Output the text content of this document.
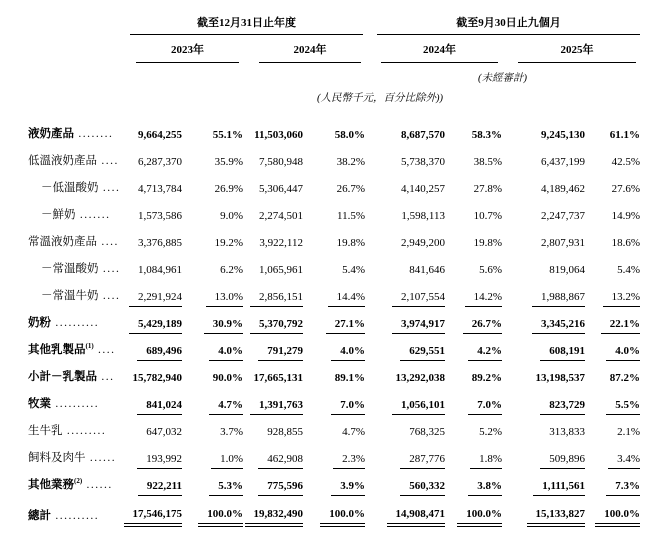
	截至12月31日止年度				截至9月30日止九個月			

	2023年		2024年		2024年		2025年	

					(未經審計)			
	(人民幣千元，百分比除外))							
液奶產品 ........	9,664,255	55.1%	11,503,060	58.0%	8,687,570	58.3%	9,245,130	61.1%
低溫液奶產品 ....	6,287,370	35.9%	7,580,948	38.2%	5,738,370	38.5%	6,437,199	42.5%
－低溫酸奶 ....	4,713,784	26.9%	5,306,447	26.7%	4,140,257	27.8%	4,189,462	27.6%
－鮮奶 .......	1,573,586	9.0%	2,274,501	11.5%	1,598,113	10.7%	2,247,737	14.9%
常溫液奶產品 ....	3,376,885	19.2%	3,922,112	19.8%	2,949,200	19.8%	2,807,931	18.6%
－常溫酸奶 ....	1,084,961	6.2%	1,065,961	5.4%	841,646	5.6%	819,064	5.4%
－常溫牛奶 ....	2,291,924	13.0%	2,856,151	14.4%	2,107,554	14.2%	1,988,867	13.2%
奶粉 ..........	5,429,189	30.9%	5,370,792	27.1%	3,974,917	26.7%	3,345,216	22.1%
其他乳製品$^{(1)}$ ....	689,496	4.0%	791,279	4.0%	629,551	4.2%	608,191	4.0%
小計－乳製品 ...	15,782,940	90.0%	17,665,131	89.1%	13,292,038	89.2%	13,198,537	87.2%
牧業 ..........	841,024	4.7%	1,391,763	7.0%	1,056,101	7.0%	823,729	5.5%
生牛乳 .........	647,032	3.7%	928,855	4.7%	768,325	5.2%	313,833	2.1%
飼料及肉牛 ......	193,992	1.0%	462,908	2.3%	287,776	1.8%	509,896	3.4%
其他業務$^{(2)}$ ......	922,211	5.3%	775,596	3.9%	560,332	3.8%	1,111,561	7.3%
總計 ..........	17,546,175	100.0%	19,832,490	100.0%	14,908,471	100.0%	15,133,827	100.0%
